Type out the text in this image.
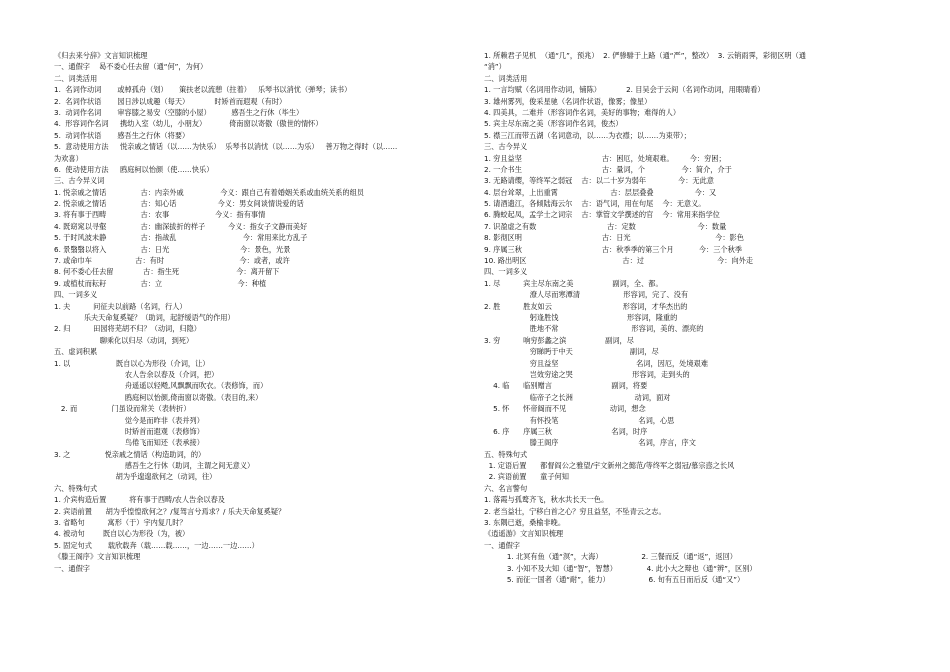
《归去来兮辞》文言知识梳理
一、通假字    曷不委心任去留（通“何”，为何）
二、词类活用
1.  名词作动词       或棹孤舟（划）     策扶老以流憩（拄着）   乐琴书以消忧（弹琴；读书）
2.  名词作状语       园日涉以成趣（每天）           时矫首而遐观（有时）
3.  动词作名词       审容膝之易安（空膝的小屋）         感吾生之行休（毕生）
4.  形容词作名词     携幼入室（幼儿，小朋友）          倚南窗以寄傲（傲世的情怀）
5.  动词作状语       感吾生之行休（将要）
5.  意动使用方法     悦亲戚之情话（以……为快乐）  乐琴书以消忧（以……为乐）   善万物之得时（以……
为欢喜）
6.  使动使用方法     鸥庭柯以怡颜（使……快乐）
三、古今异义词
1. 悦亲戚之情话               古：内亲外戚                今义：跟自己有着婚姻关系或血统关系的组员
2. 悦亲戚之情话               古：知心话                  今义：男女间谈情说爱的话
3. 将有事于西畴               古：农事                    今义：指有事情
4. 既窈窕以寻壑               古：幽深拔折的样子          今义：指女子文静而美好
5. 于时风波未静               古：指战乱                             今：常用来比方乱子
6. 景翳翳以将入               古：日光                               今：景色，光景
7. 或命巾车                   古：有时                                 今：或者，或许
8. 何不委心任去留             古：指生死                         今：离开留下
9. 或植杖而耘耔               古：立                                 今：种植
四、一词多义
1. 夫          问征夫以前路（名词，行人）
乐夫天命复奚疑？（助词，起舒缓语气的作用）
2. 归          田园将芜胡不归？（动词，归隐）
聊乘化以归尽（动词，到死）
五、虚词积累
1. 以                    既自以心为形役（介词，让）
农人告余以春及（介词，把）
舟遥遥以轻飏,风飘飘而吹衣。（表修饰，而）
鸥庭柯以怡颜,倚南窗以寄傲。（表目的,来）
2. 而               门虽设而常关（表转折）
觉今是而昨非（表并列）
时矫首而遐观（表修饰）
鸟倦飞而知还（表承接）
3. 之               悦亲戚之情话（构造助词，的）
感吾生之行休（助词，主谓之间无意义）
胡为乎遑遑欲何之（动词，往）
六、特殊句式
1. 介宾构造后置          将有事于西畴/农人告余以春及
2. 宾语前置      胡为乎惶惶欲何之？/复驾言兮焉求？/ 乐夫天命复奚疑？
3. 省略句          寓形（于）宇内复几时？
4. 被动句        既自以心为形役（为，被）
5. 固定句式       载欣载奔（载……载……，一边……一边……）
《滕王阁序》文言知识梳理
一、通假字
1. 所赖君子见机  （通“几”，预兆）  2. 俨骖騑于上路（通“严”，整改）  3. 云销雨霁，彩彻区明（通
“消”）
二、词类活用
1. 一言均赋（名词用作动词，铺陈）           2. 目吴会于云间（名词作动词，用眼睛看）
3. 雄州雾列，俊采星驰（名词作状语，像雾；像星）
4. 四美具，二难并（形容词作名词，美好的事物；难得的人）
5. 宾主尽东南之美（形容词作名词，俊杰）
5. 襟三江而带五湖（名词意动，以……为衣襟；以……为束带）；
三、古今异义
1. 穷且益坚                                   古：困厄，处境艰难。       今：穷困；
2. 一介书生                                   古：量词，个                今：简介，介于
3. 无路请缨，等终军之弱冠    古：以二十岁为弱年              今：无此意
4. 层台耸翠，上出重霄                       古：层层叠叠                  今：又
5. 请酒遗江，各倾陆海云尔    古：语气词，用在句尾    今：无意义。
6. 腾蛟起凤，孟学士之词宗    古：掌管文学撰述的官    今：常用来指学位
7. 识盈虚之有数                               古：定数                           今：数量
8. 影彻区明                                   古：日光                                     今：影色
9. 序属三秋                                   古：秋季季的第三个月           今：三个秋季
10. 路出明区                                          古：过                                今：向外走
四、一词多义
1. 尽          宾主尽东南之美                 副词，全、都。
潦人尽而寒潭清                   形容词，完了、没有
2. 胜          胜友如云                               形容词，才华杰出的
躬逢胜饯                              形容词，隆重的
胜地不常                                形容词，美的、漂亮的
3. 穷          响穷彭蠡之滨                 副词，尽
穷睇眄于中天                         副词，尽
穷且益坚                                  名词，因厄，处境艰难
岂效穷途之哭                          形容词，走到头的
4. 临      临别赠言                          副词，将要
临帝子之长洲                           动词，面对
5. 怀      怀帝阍而不见                   动词，想念
有怀投笔                                   名词，心思
6. 序      序属三秋                          名词，时序
滕王阁序                                   名词，序言，序文
五、特殊句式
1. 定语后置      都督阎公之雅望/宇文新州之懿范/等终军之弱冠/慕宗悫之长风
2. 宾语前置      童子何知
六、名言警句
1. 落霞与孤鹜齐飞，秋水共长天一色。
2. 老当益壮，宁移白首之心？穷且益坚，不坠青云之志。
3. 东隅已逝，桑榆非晚。
《逍遥游》文言知识梳理
一、通假字
1. 北冥有鱼（通“溟”，大海）                 2. 三餐而反（通“返”，返回）
3. 小知不及大知（通“智”，智慧）             4. 此小大之辩也（通“辨”，区别）
5. 而征一国者（通“耐”，能力）                 6. 旬有五日而后反（通“又”）
